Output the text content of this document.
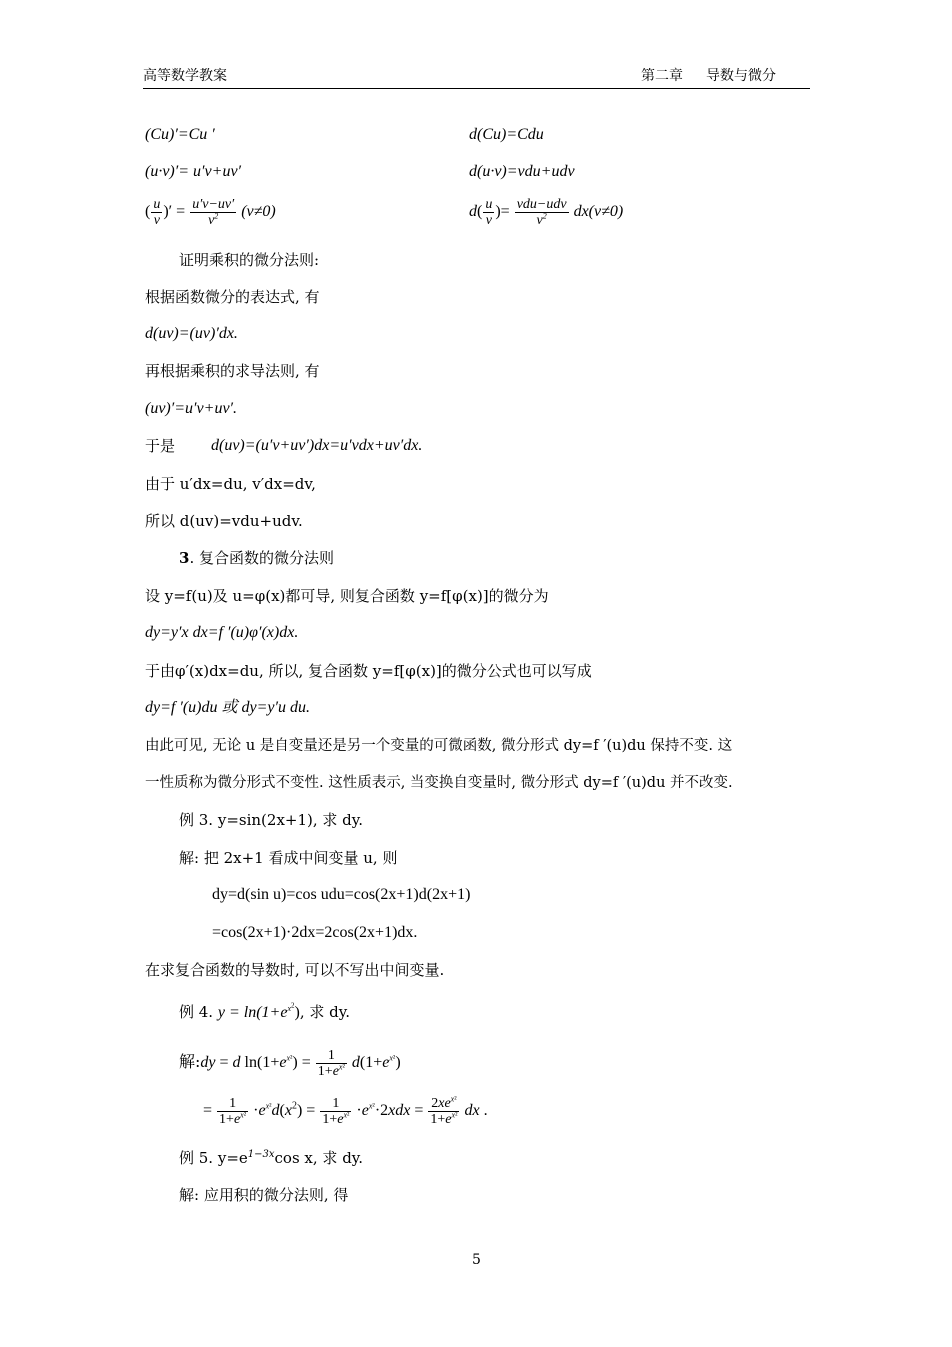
高等数学教案	第二章 导数与微分
(Cu)′=Cu ′	d(Cu)=Cdu
(u·v)′= u′v+uv′	d(u·v)=vdu+udv
( $\frac{u}{v}$ )′ = $\frac{u'v-uv'}{v^2} (v\ne 0)$	$d( \frac{u}{v}$ )= $\frac{\text{vdu−udv}}{v^2} dx(v\ne 0)$
证明乘积的微分法则:
根据函数微分的表达式, 有
d(uv)=(uv)′dx.
再根据乘积的求导法则, 有
(uv)′=u′v+uv′.
于是 d(uv)=(u′v+uv′)dx=u′vdx+uv′dx.
由于 u′dx=du, v′dx=dv,
所以 d(uv)=vdu+udv.
3. 复合函数的微分法则
设 y=f(u)及 u=φ(x)都可导, 则复合函数 y=f[φ(x)]的微分为
dy=y′x dx=f ′(u)φ′(x)dx.
于由φ′(x)dx=du, 所以, 复合函数 y=f[φ(x)]的微分公式也可以写成
dy=f ′(u)du 或 dy=y′u du.
由此可见, 无论 u 是自变量还是另一个变量的可微函数, 微分形式 dy=f ′(u)du 保持不变. 这
一性质称为微分形式不变性. 这性质表示, 当变换自变量时, 微分形式 dy=f ′(u)du 并不改变.
例 3. y=sin(2x+1), 求 dy.
解: 把 2x+1 看成中间变量 u, 则
dy=d(sin u)=cos udu=cos(2x+1)d(2x+1)
=cos(2x+1)·2dx=2cos(2x+1)dx.
在求复合函数的导数时, 可以不写出中间变量.
例 4. $y = \ln(1+e^{x^2})$, 求 dy.
解:dy = d $\ln(1+e^{x^2}) = \frac{1}{1+e^{x^2}} d(1+e^{x^2})$
= $\frac{1}{1+e^{x^2}} \cdot e^{x^2}d(x^2) = \frac{1}{1+e^{x^2}} \cdot e^{x^2}\cdot 2xdx = \frac{2xe^{x^2}}{1+e^{x^2}}$ dx .
例 5. $y=e^{1-3x}\cos$ x, 求 dy.
解: 应用积的微分法则, 得
5
